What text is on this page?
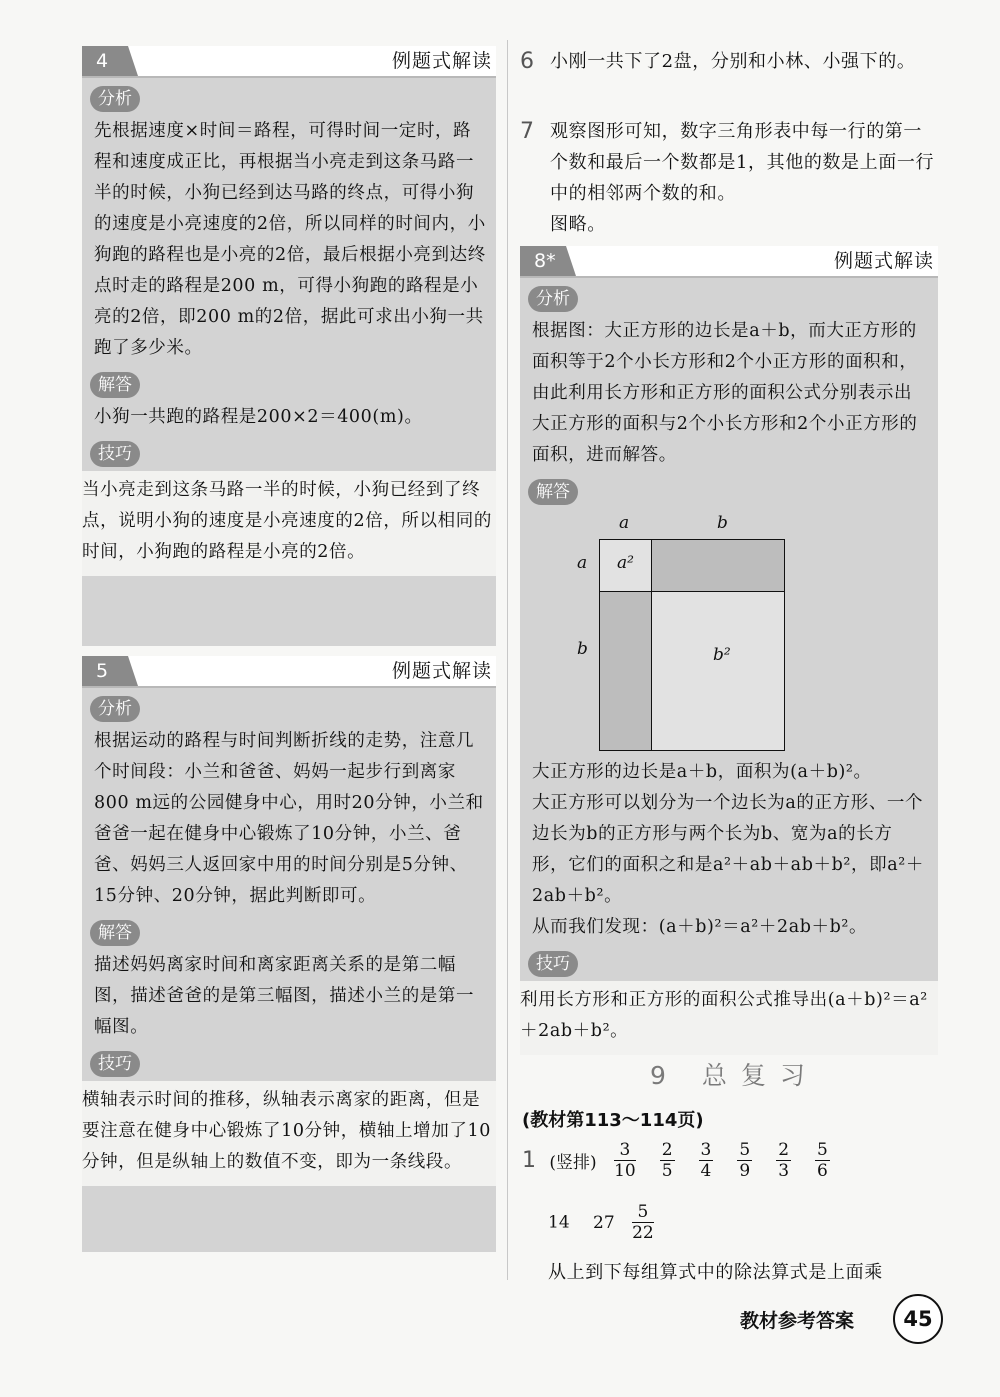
4	例题式解读
分析
先根据速度×时间＝路程，可得时间一定时，路程和速度成正比，再根据当小亮走到这条马路一半的时候，小狗已经到达马路的终点，可得小狗的速度是小亮速度的2倍，所以同样的时间内，小狗跑的路程也是小亮的2倍，最后根据小亮到达终点时走的路程是200 m，可得小狗跑的路程是小亮的2倍，即200 m的2倍，据此可求出小狗一共跑了多少米。
解答
小狗一共跑的路程是200×2＝400(m)。
技巧
当小亮走到这条马路一半的时候，小狗已经到了终点，说明小狗的速度是小亮速度的2倍，所以相同的时间，小狗跑的路程是小亮的2倍。
5	例题式解读
分析
根据运动的路程与时间判断折线的走势，注意几个时间段：小兰和爸爸、妈妈一起步行到离家800 m远的公园健身中心，用时20分钟，小兰和爸爸一起在健身中心锻炼了10分钟，小兰、爸爸、妈妈三人返回家中用的时间分别是5分钟、15分钟、20分钟，据此判断即可。
解答
描述妈妈离家时间和离家距离关系的是第二幅图，描述爸爸的是第三幅图，描述小兰的是第一幅图。
技巧
横轴表示时间的推移，纵轴表示离家的距离，但是要注意在健身中心锻炼了10分钟，横轴上增加了10分钟，但是纵轴上的数值不变，即为一条线段。
6 小刚一共下了2盘，分别和小林、小强下的。
7 观察图形可知，数字三角形表中每一行的第一个数和最后一个数都是1，其他的数是上面一行中的相邻两个数的和。
图略。
8*	例题式解读
分析
根据图：大正方形的边长是a＋b，而大正方形的面积等于2个小长方形和2个小正方形的面积和，由此利用长方形和正方形的面积公式分别表示出大正方形的面积与2个小长方形和2个小正方形的面积，进而解答。
解答
a	b
a
b
a²
b²
大正方形的边长是a＋b，面积为(a＋b)²。
大正方形可以划分为一个边长为a的正方形、一个边长为b的正方形与两个长为b、宽为a的长方形，它们的面积之和是a²＋ab＋ab＋b²，即a²＋2ab＋b²。
从而我们发现：(a＋b)²＝a²＋2ab＋b²。
技巧
利用长方形和正方形的面积公式推导出(a＋b)²＝a²＋2ab＋b²。
9 总复习
(教材第113～114页)
1 (竖排) $\frac{3}{10} \frac{2}{5} \frac{3}{4} \frac{5}{9} \frac{2}{3} \frac{5}{6}$
14 $27 \frac{5}{22}$
从上到下每组算式中的除法算式是上面乘
教材参考答案	45
